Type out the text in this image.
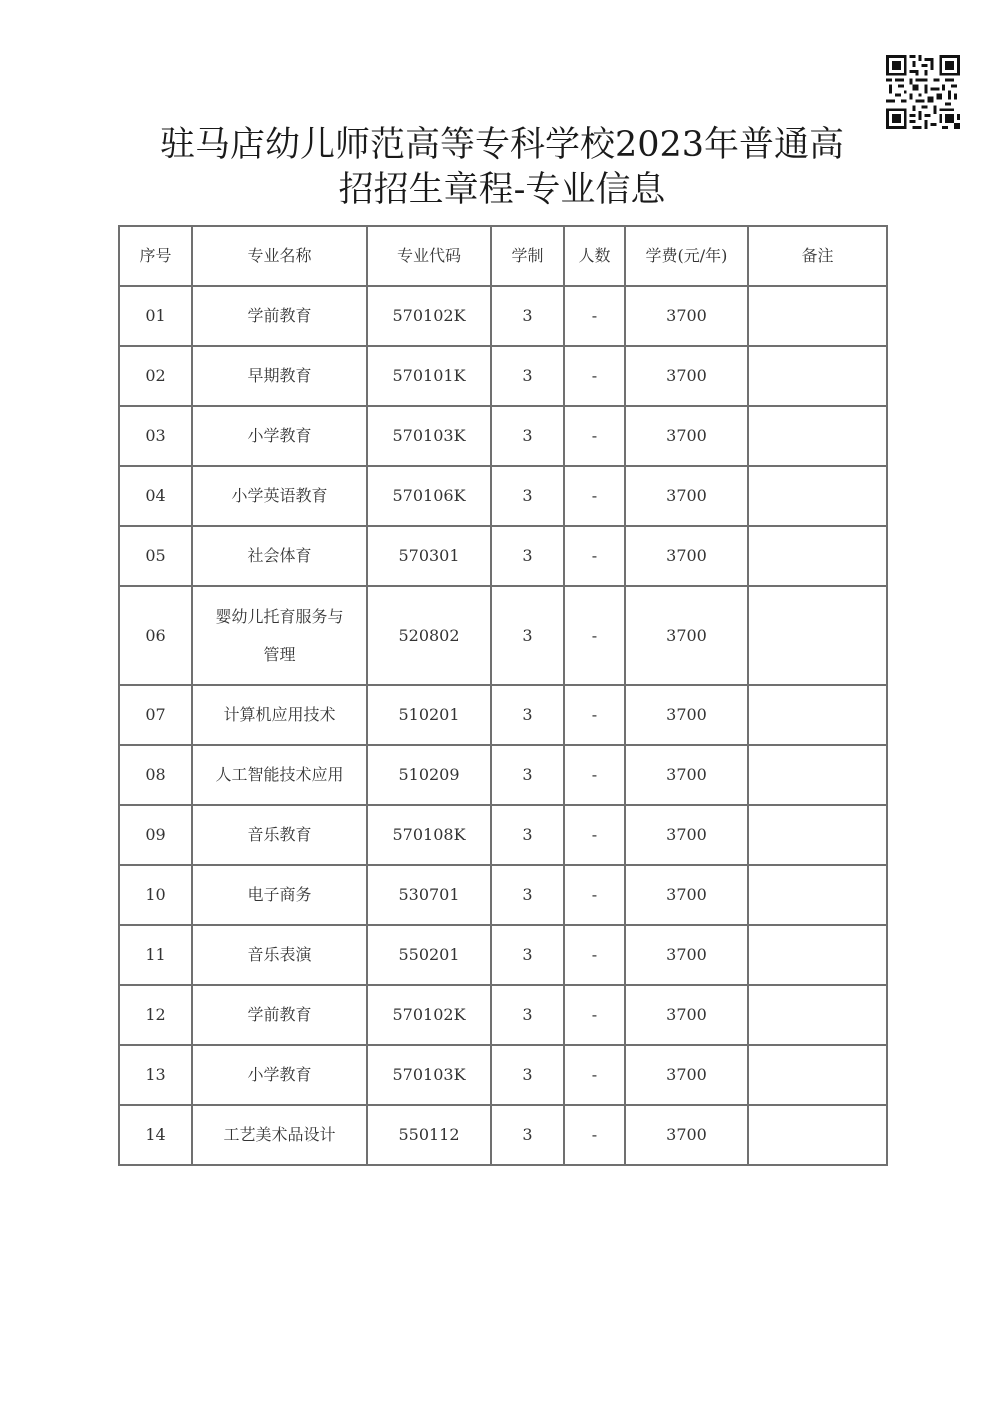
驻马店幼儿师范高等专科学校2023年普通高
招招生章程-专业信息
序号	专业名称	专业代码	学制	人数	学费(元/年)	备注
01	学前教育	570102K	3	-	3700	
02	早期教育	570101K	3	-	3700	
03	小学教育	570103K	3	-	3700	
04	小学英语教育	570106K	3	-	3700	
05	社会体育	570301	3	-	3700	
06	婴幼儿托育服务与
管理	520802	3	-	3700	
07	计算机应用技术	510201	3	-	3700	
08	人工智能技术应用	510209	3	-	3700	
09	音乐教育	570108K	3	-	3700	
10	电子商务	530701	3	-	3700	
11	音乐表演	550201	3	-	3700	
12	学前教育	570102K	3	-	3700	
13	小学教育	570103K	3	-	3700	
14	工艺美术品设计	550112	3	-	3700	
